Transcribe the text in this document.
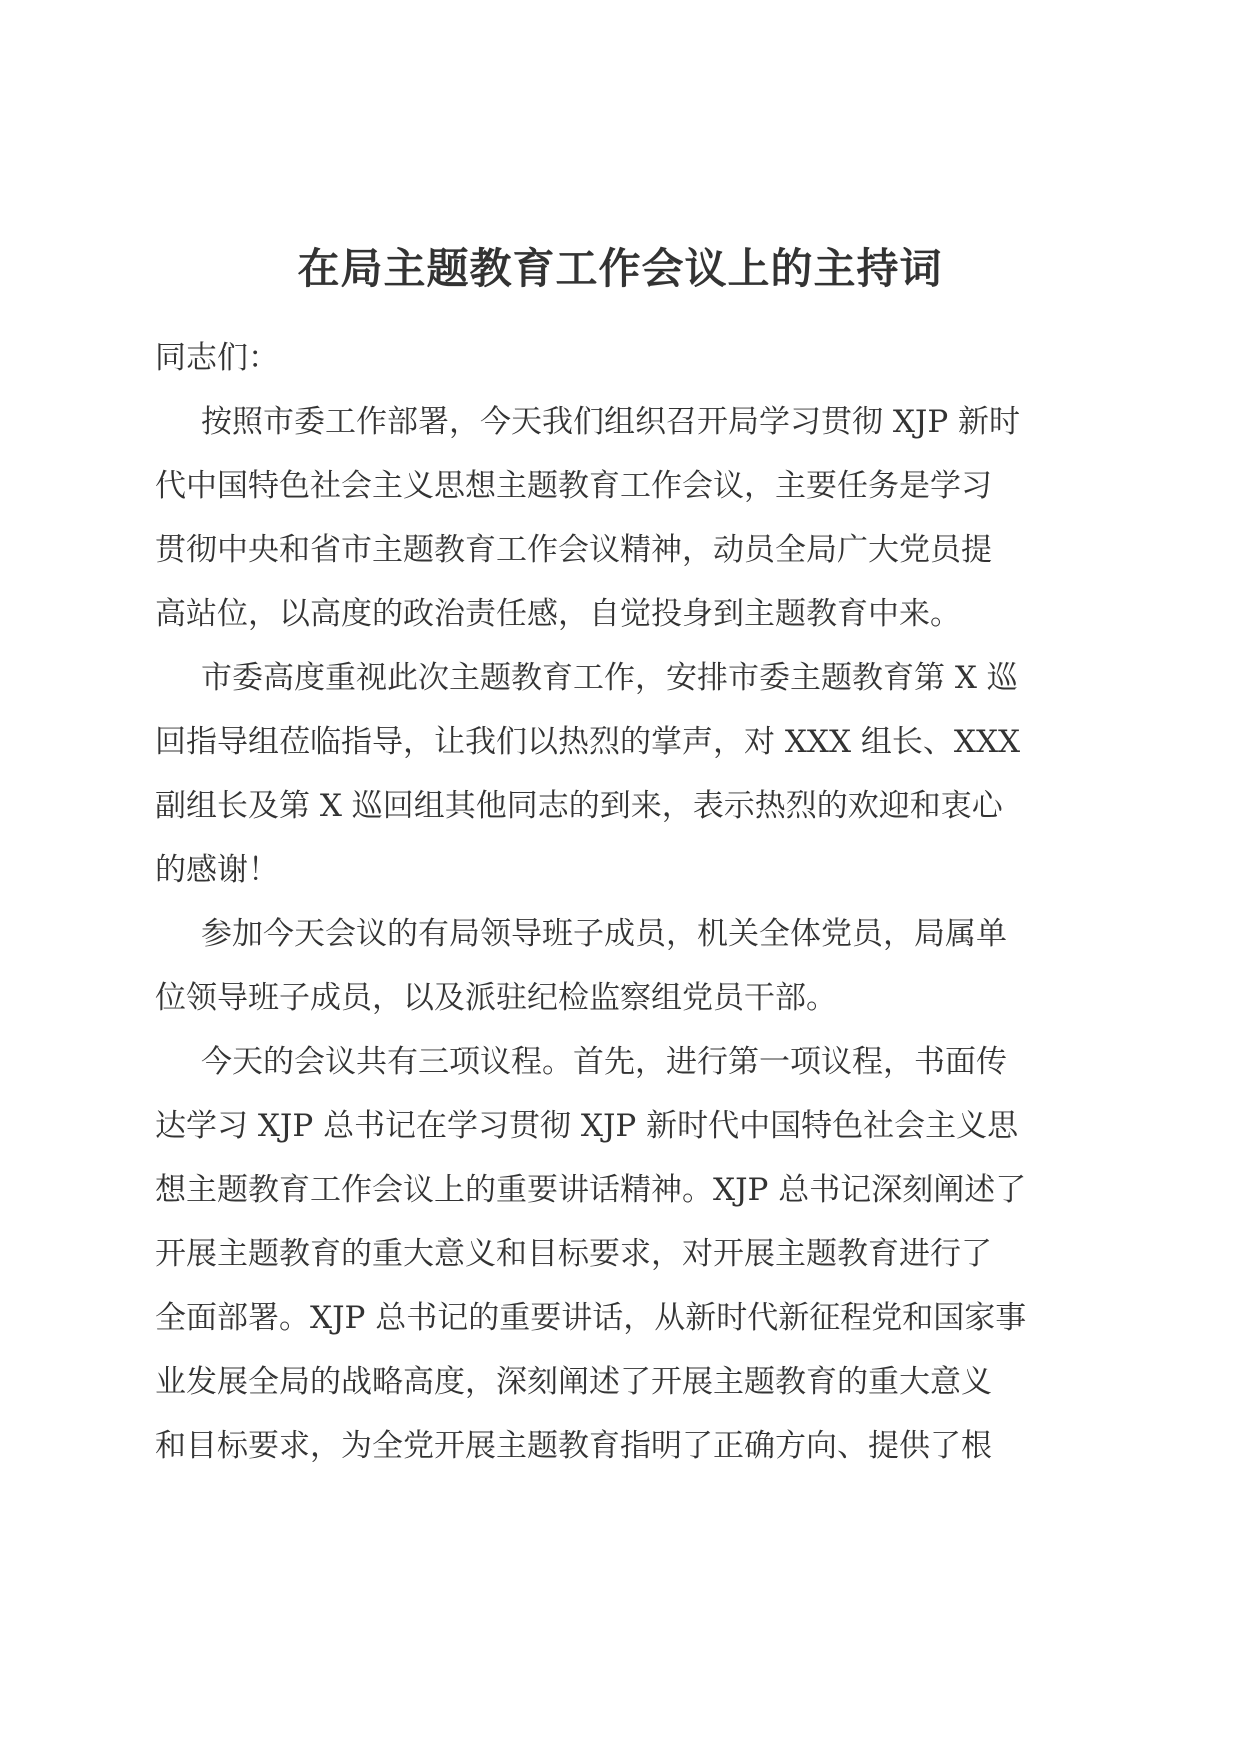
在局主题教育工作会议上的主持词
同志们：
按照市委工作部署，今天我们组织召开局学习贯彻 XJP 新时
代中国特色社会主义思想主题教育工作会议，主要任务是学习
贯彻中央和省市主题教育工作会议精神，动员全局广大党员提
高站位，以高度的政治责任感，自觉投身到主题教育中来。
市委高度重视此次主题教育工作，安排市委主题教育第 X 巡
回指导组莅临指导，让我们以热烈的掌声，对 XXX 组长、XXX
副组长及第 X 巡回组其他同志的到来，表示热烈的欢迎和衷心
的感谢！
参加今天会议的有局领导班子成员，机关全体党员，局属单
位领导班子成员，以及派驻纪检监察组党员干部。
今天的会议共有三项议程。首先，进行第一项议程，书面传
达学习 XJP 总书记在学习贯彻 XJP 新时代中国特色社会主义思
想主题教育工作会议上的重要讲话精神。XJP 总书记深刻阐述了
开展主题教育的重大意义和目标要求，对开展主题教育进行了
全面部署。XJP 总书记的重要讲话，从新时代新征程党和国家事
业发展全局的战略高度，深刻阐述了开展主题教育的重大意义
和目标要求，为全党开展主题教育指明了正确方向、提供了根
